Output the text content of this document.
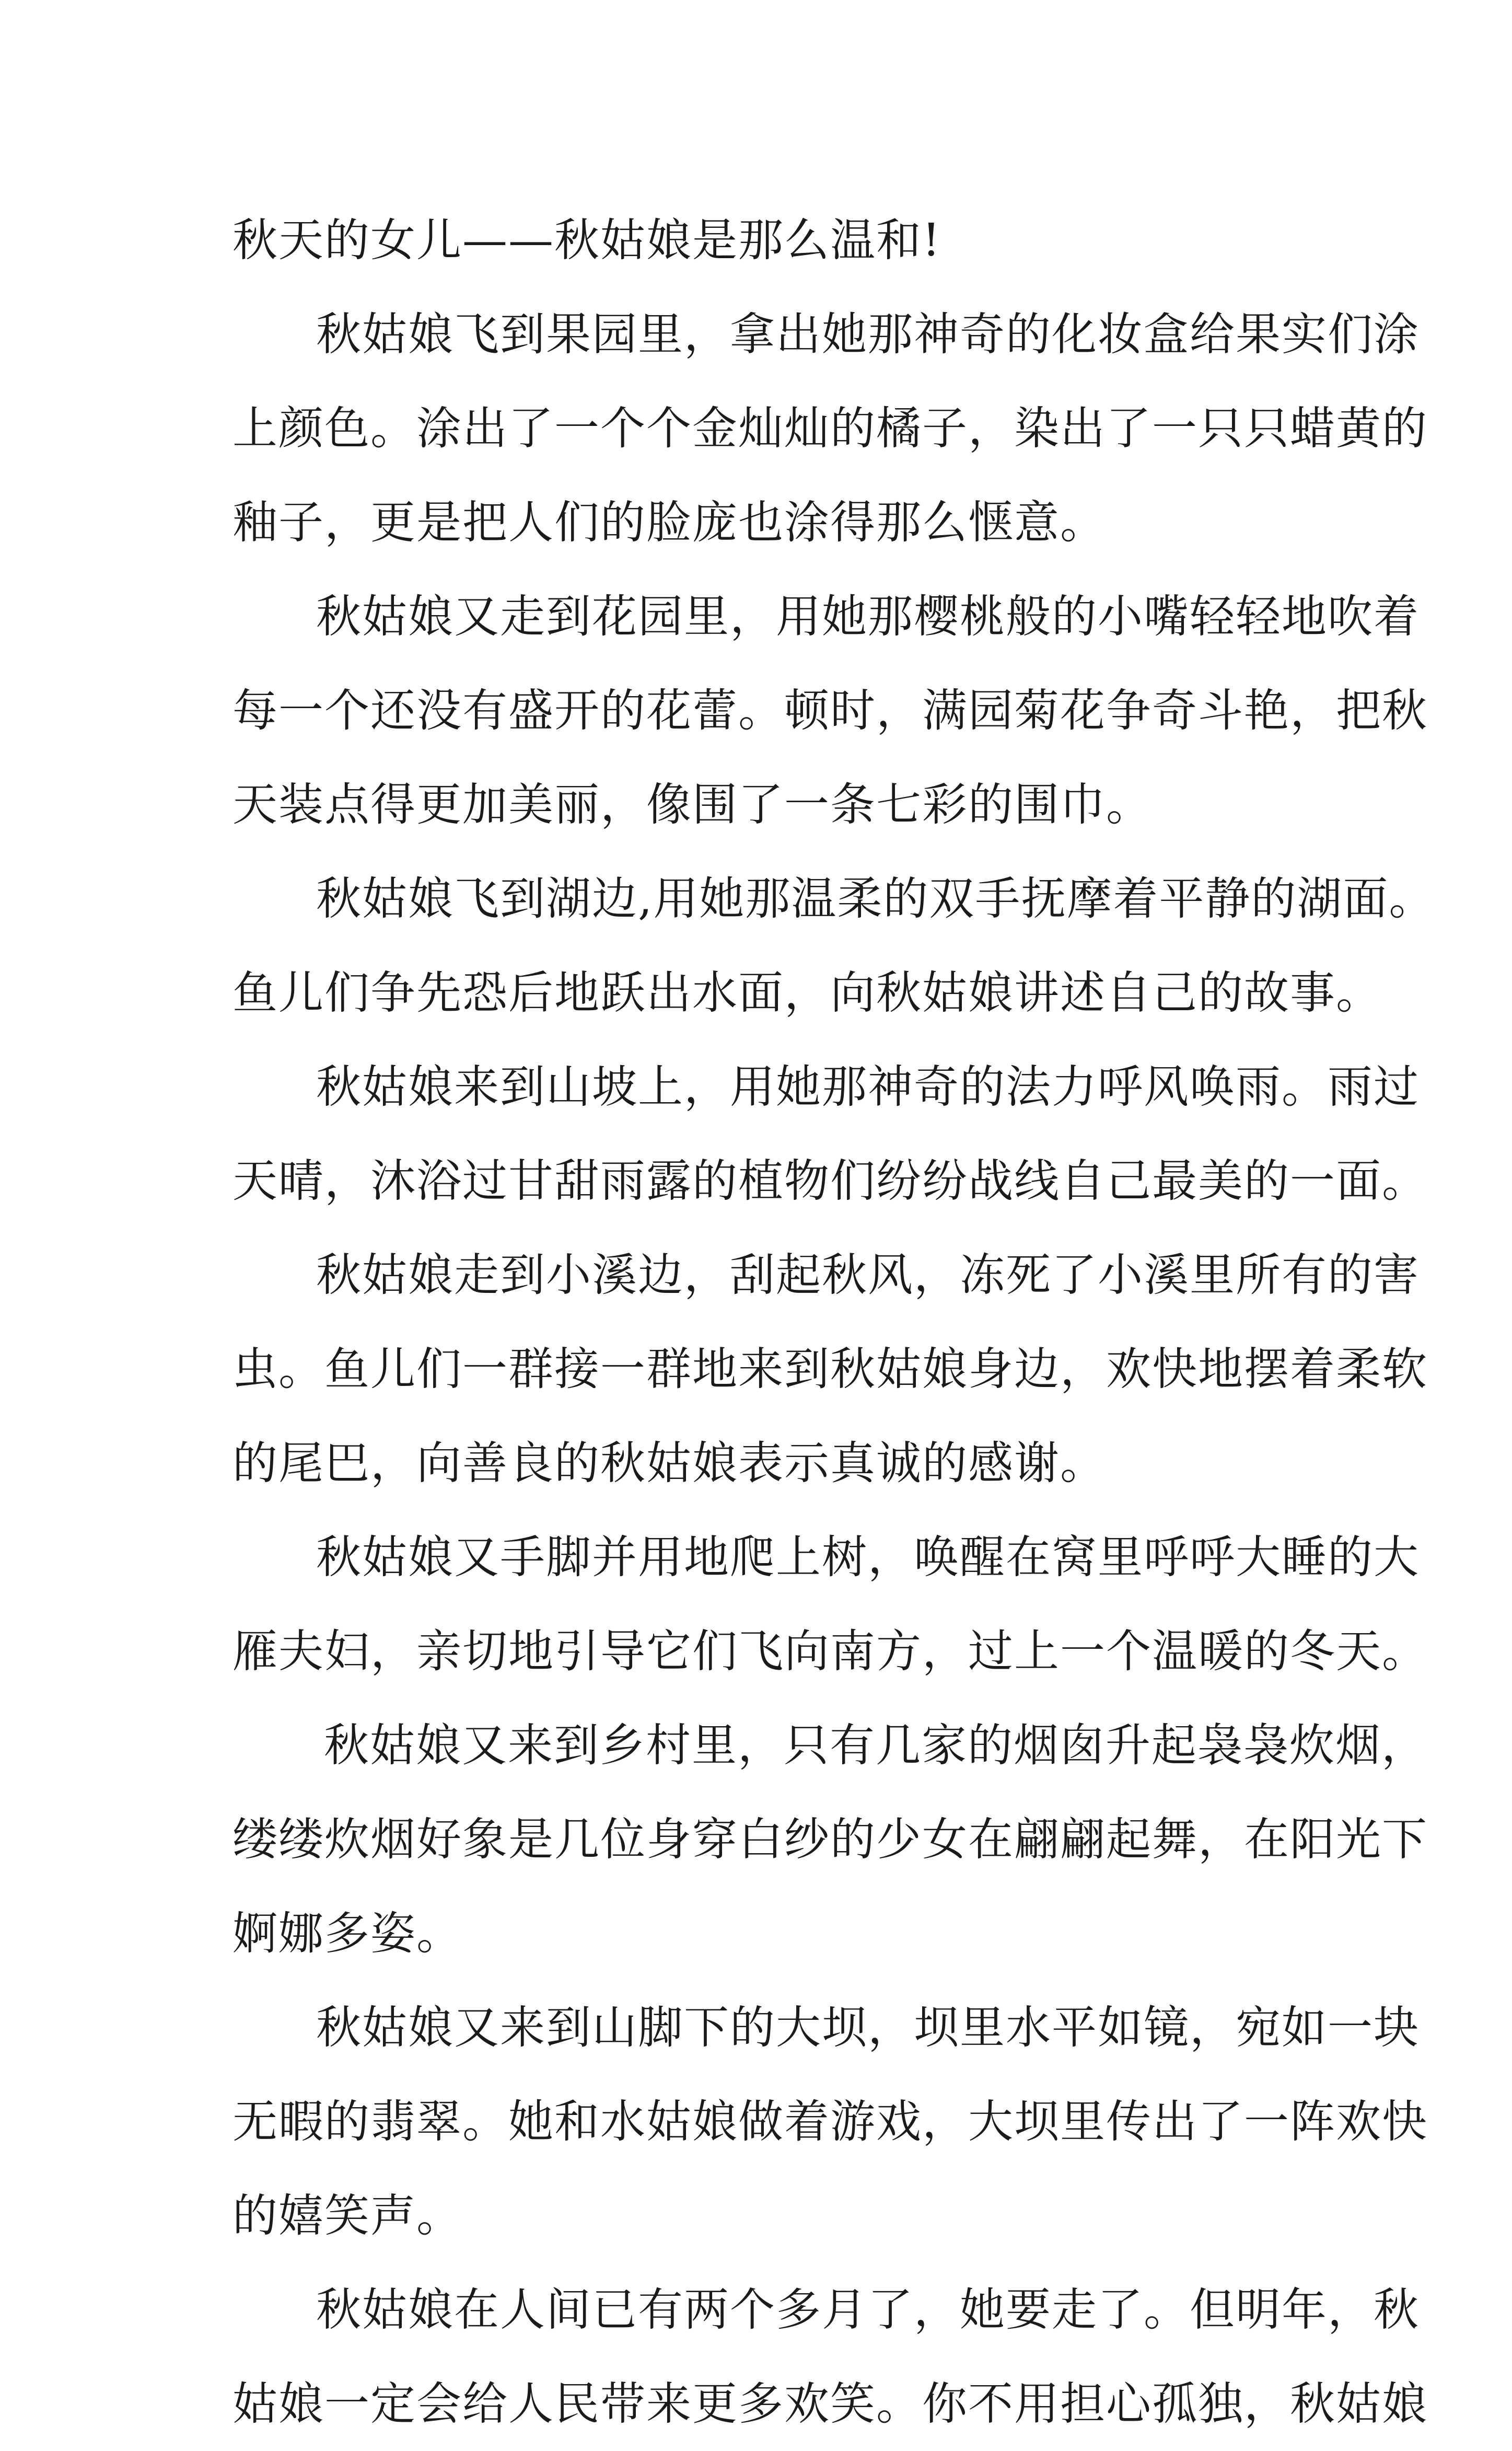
秋天的女儿——秋姑娘是那么温和!
秋姑娘飞到果园里，拿出她那神奇的化妆盒给果实们涂
上颜色。涂出了一个个金灿灿的橘子，染出了一只只蜡黄的
釉子，更是把人们的脸庞也涂得那么惬意。
秋姑娘又走到花园里，用她那樱桃般的小嘴轻轻地吹着
每一个还没有盛开的花蕾。顿时，满园菊花争奇斗艳，把秋
天装点得更加美丽，像围了一条七彩的围巾。
秋姑娘飞到湖边,用她那温柔的双手抚摩着平静的湖面。
鱼儿们争先恐后地跃出水面，向秋姑娘讲述自己的故事。
秋姑娘来到山坡上，用她那神奇的法力呼风唤雨。雨过
天晴，沐浴过甘甜雨露的植物们纷纷战线自己最美的一面。
秋姑娘走到小溪边，刮起秋风，冻死了小溪里所有的害
虫。鱼儿们一群接一群地来到秋姑娘身边，欢快地摆着柔软
的尾巴，向善良的秋姑娘表示真诚的感谢。
秋姑娘又手脚并用地爬上树，唤醒在窝里呼呼大睡的大
雁夫妇，亲切地引导它们飞向南方，过上一个温暖的冬天。
秋姑娘又来到乡村里，只有几家的烟囱升起袅袅炊烟，
缕缕炊烟好象是几位身穿白纱的少女在翩翩起舞，在阳光下
婀娜多姿。
秋姑娘又来到山脚下的大坝，坝里水平如镜，宛如一块
无暇的翡翠。她和水姑娘做着游戏，大坝里传出了一阵欢快
的嬉笑声。
秋姑娘在人间已有两个多月了，她要走了。但明年，秋
姑娘一定会给人民带来更多欢笑。你不用担心孤独，秋姑娘
